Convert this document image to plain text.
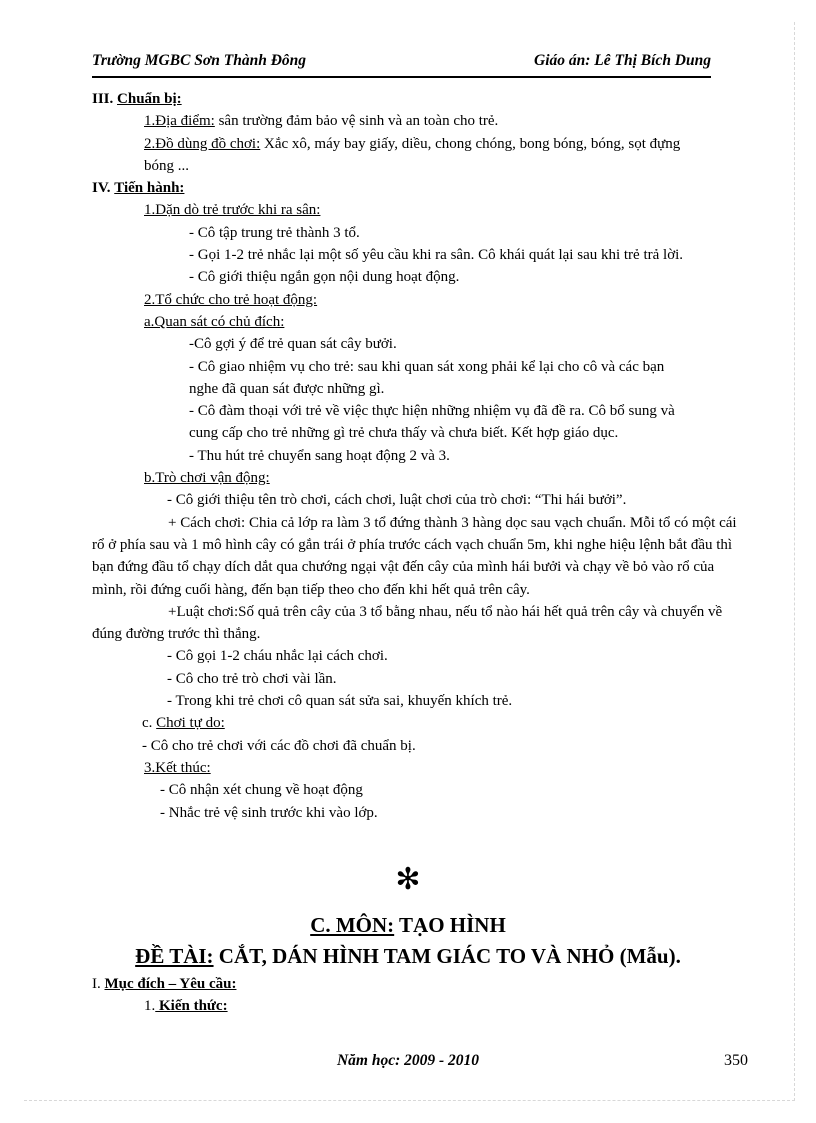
Trường MGBC Sơn Thành Đông	Giáo án: Lê Thị Bích Dung

III. Chuẩn bị:

1.Địa điểm: sân trường đảm bảo vệ sinh và an toàn cho trẻ.

2.Đồ dùng đồ chơi: Xắc xô, máy bay giấy, diều, chong chóng, bong bóng, bóng, sọt đựng

bóng ...

IV. Tiến hành:

1.Dặn dò trẻ trước khi ra sân:

- Cô tập trung trẻ thành 3 tổ.

- Gọi 1-2 trẻ nhắc lại một số yêu cầu khi ra sân. Cô khái quát lại sau khi trẻ trả lời.

- Cô giới thiệu ngắn gọn nội dung hoạt động.

2.Tổ chức cho trẻ hoạt động:

a.Quan sát có chủ đích:

-Cô gợi ý để trẻ quan sát cây bưởi.

- Cô giao nhiệm vụ cho trẻ: sau khi quan sát xong phải kể lại cho cô và các bạn

nghe đã quan sát được những gì.

- Cô đàm thoại với trẻ về việc thực hiện những nhiệm vụ đã đề ra. Cô bổ sung và

cung cấp cho trẻ những gì trẻ chưa thấy và chưa biết. Kết hợp giáo dục.

- Thu hút trẻ chuyển sang hoạt động 2 và 3.

b.Trò chơi vận động:

- Cô giới thiệu tên trò chơi, cách chơi, luật chơi của trò chơi: “Thi hái bưởi”.

+ Cách chơi: Chia cả lớp ra làm 3 tổ đứng thành 3 hàng dọc sau vạch chuẩn. Mỗi tổ có một cái rổ ở phía sau và 1 mô hình cây có gắn trái ở phía trước cách vạch chuẩn 5m, khi nghe hiệu lệnh bắt đầu thì bạn đứng đầu tổ chạy dích dắt qua chướng ngại vật đến cây của mình hái bưởi và chạy về bỏ vào rổ của mình, rồi đứng cuối hàng, đến bạn tiếp theo cho đến khi hết quả trên cây.

+Luật chơi:Số quả trên cây của 3 tổ bằng nhau, nếu tổ nào hái hết quả trên cây và chuyển về đúng đường trước thì thắng.

- Cô gọi 1-2 cháu nhắc lại cách chơi.

- Cô cho trẻ trò chơi vài lần.

- Trong khi trẻ chơi cô quan sát sửa sai, khuyến khích trẻ.

c. Chơi tự do:

- Cô cho trẻ chơi với các đồ chơi đã chuẩn bị.

3.Kết thúc:

- Cô nhận xét chung về hoạt động

- Nhắc trẻ vệ sinh trước khi vào lớp.

✻
C. MÔN: TẠO HÌNH
ĐỀ TÀI: CẮT, DÁN HÌNH TAM GIÁC TO VÀ NHỎ (Mẫu).

I. Mục đích – Yêu cầu:

1. Kiến thức:

Năm học: 2009 - 2010	350
